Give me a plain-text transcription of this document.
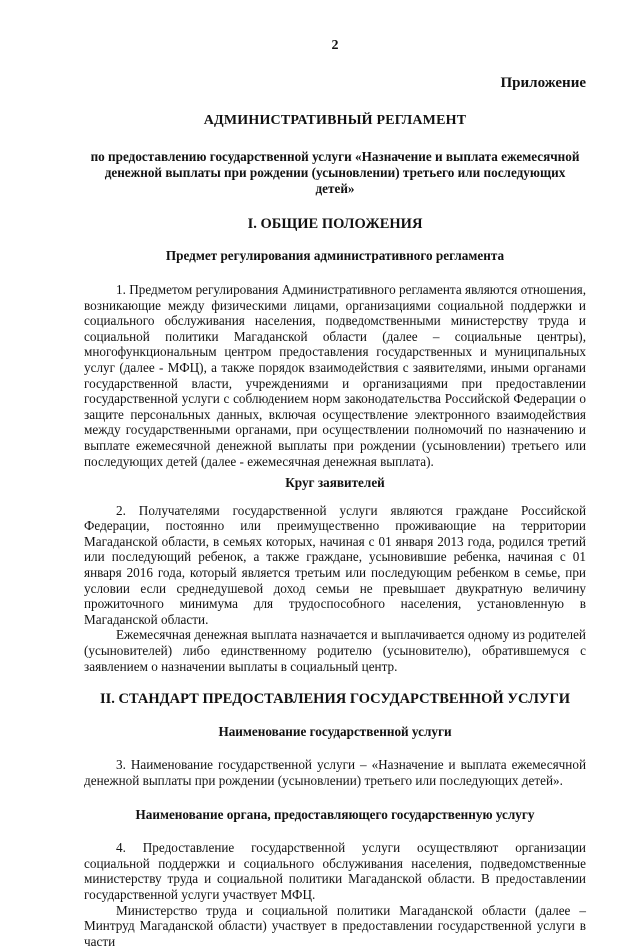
2
Приложение
АДМИНИСТРАТИВНЫЙ РЕГЛАМЕНТ
по предоставлению государственной услуги «Назначение и выплата ежемесячной денежной выплаты при рождении (усыновлении) третьего или последующих детей»
I. ОБЩИЕ ПОЛОЖЕНИЯ
Предмет регулирования административного регламента

1. Предметом регулирования Административного регламента являются отношения, возникающие между физическими лицами, организациями социальной поддержки и социального обслуживания населения, подведомственными министерству труда и социальной политики Магаданской области (далее – социальные центры), многофункциональным центром предоставления государственных и муниципальных услуг (далее - МФЦ), а также порядок взаимодействия с заявителями, иными органами государственной власти, учреждениями и организациями при предоставлении государственной услуги с соблюдением норм законодательства Российской Федерации о защите персональных данных, включая осуществление электронного взаимодействия между государственными органами, при осуществлении полномочий по назначению и выплате ежемесячной денежной выплаты при рождении (усыновлении) третьего или последующих детей (далее - ежемесячная денежная выплата).

Круг заявителей

2. Получателями государственной услуги являются граждане Российской Федерации, постоянно или преимущественно проживающие на территории Магаданской области, в семьях которых, начиная с 01 января 2013 года, родился третий или последующий ребенок, а также граждане, усыновившие ребенка, начиная с 01 января 2016 года, который является третьим или последующим ребенком в семье, при условии если среднедушевой доход семьи не превышает двукратную величину прожиточного минимума для трудоспособного населения, установленную в Магаданской области.

Ежемесячная денежная выплата назначается и выплачивается одному из родителей (усыновителей) либо единственному родителю (усыновителю), обратившемуся с заявлением о назначении выплаты в социальный центр.

II. СТАНДАРТ ПРЕДОСТАВЛЕНИЯ ГОСУДАРСТВЕННОЙ УСЛУГИ
Наименование государственной услуги

3. Наименование государственной услуги – «Назначение и выплата ежемесячной денежной выплаты при рождении (усыновлении) третьего или последующих детей».

Наименование органа, предоставляющего государственную услугу

4. Предоставление государственной услуги осуществляют организации социальной поддержки и социального обслуживания населения, подведомственные министерству труда и социальной политики Магаданской области. В предоставлении государственной услуги участвует МФЦ.

Министерство труда и социальной политики Магаданской области (далее – Минтруд Магаданской области) участвует в предоставлении государственной услуги в части
